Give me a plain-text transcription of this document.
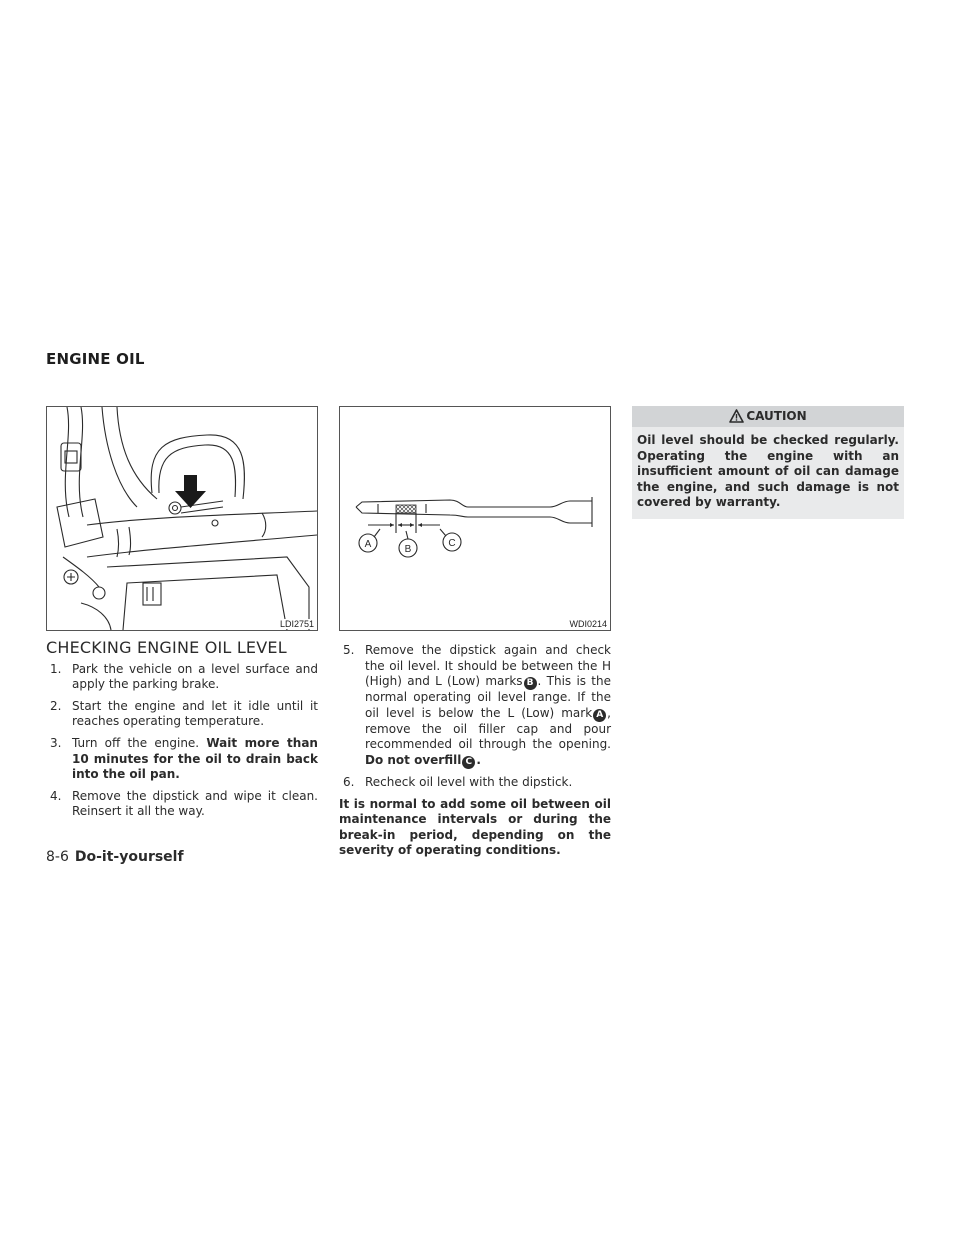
ENGINE OIL
LDI2751
A	B
C
WDI0214
CHECKING ENGINE OIL LEVEL
1. Park the vehicle on a level surface and apply the parking brake.
2. Start the engine and let it idle until it reaches operating temperature.
3. Turn off the engine. Wait more than 10 minutes for the oil to drain back into the oil pan.
4. Remove the dipstick and wipe it clean. Reinsert it all the way.
5. Remove the dipstick again and check the oil level. It should be between the H (High) and L (Low) marks B . This is the normal operating oil level range. If the oil level is below the L (Low) mark A , remove the oil filler cap and pour recommended oil through the opening. Do not overfill C .
6. Recheck oil level with the dipstick.

It is normal to add some oil between oil maintenance intervals or during the break-in period, depending on the severity of operating conditions.

CAUTION
Oil level should be checked regularly. Operating the engine with an insufficient amount of oil can damage the engine, and such damage is not covered by warranty.
8-6 Do-it-yourself
